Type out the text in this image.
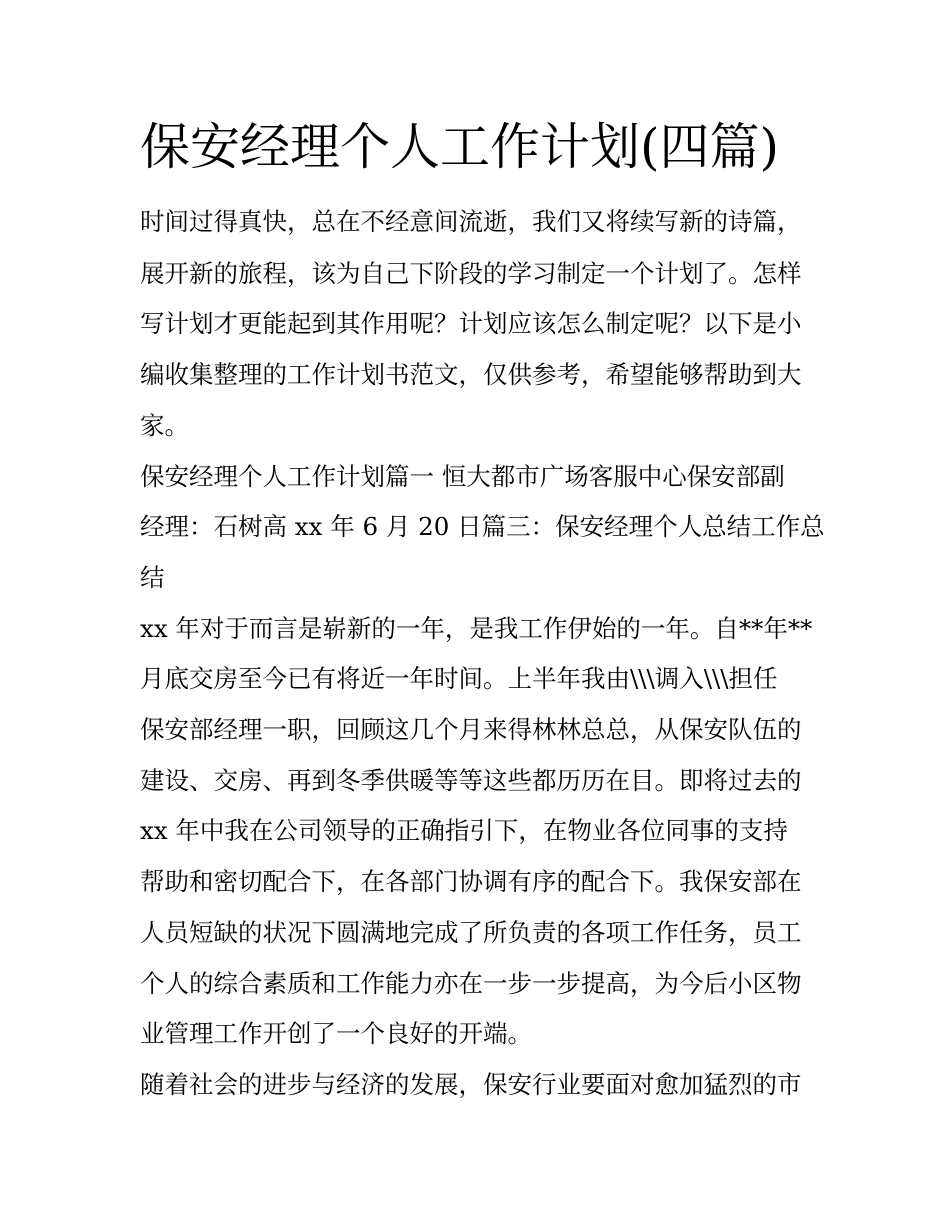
保安经理个人工作计划(四篇)

时间过得真快，总在不经意间流逝，我们又将续写新的诗篇，

展开新的旅程，该为自己下阶段的学习制定一个计划了。怎样

写计划才更能起到其作用呢？计划应该怎么制定呢？以下是小

编收集整理的工作计划书范文，仅供参考，希望能够帮助到大

家。

保安经理个人工作计划篇一 恒大都市广场客服中心保安部副

经理：石树高 xx 年 6 月 20 日篇三：保安经理个人总结工作总

结

xx 年对于而言是崭新的一年，是我工作伊始的一年。自**年**

月底交房至今已有将近一年时间。上半年我由\\\调入\\\担任

保安部经理一职，回顾这几个月来得林林总总，从保安队伍的

建设、交房、再到冬季供暖等等这些都历历在目。即将过去的

xx 年中我在公司领导的正确指引下，在物业各位同事的支持

帮助和密切配合下，在各部门协调有序的配合下。我保安部在

人员短缺的状况下圆满地完成了所负责的各项工作任务，员工

个人的综合素质和工作能力亦在一步一步提高，为今后小区物

业管理工作开创了一个良好的开端。

随着社会的进步与经济的发展，保安行业要面对愈加猛烈的市
